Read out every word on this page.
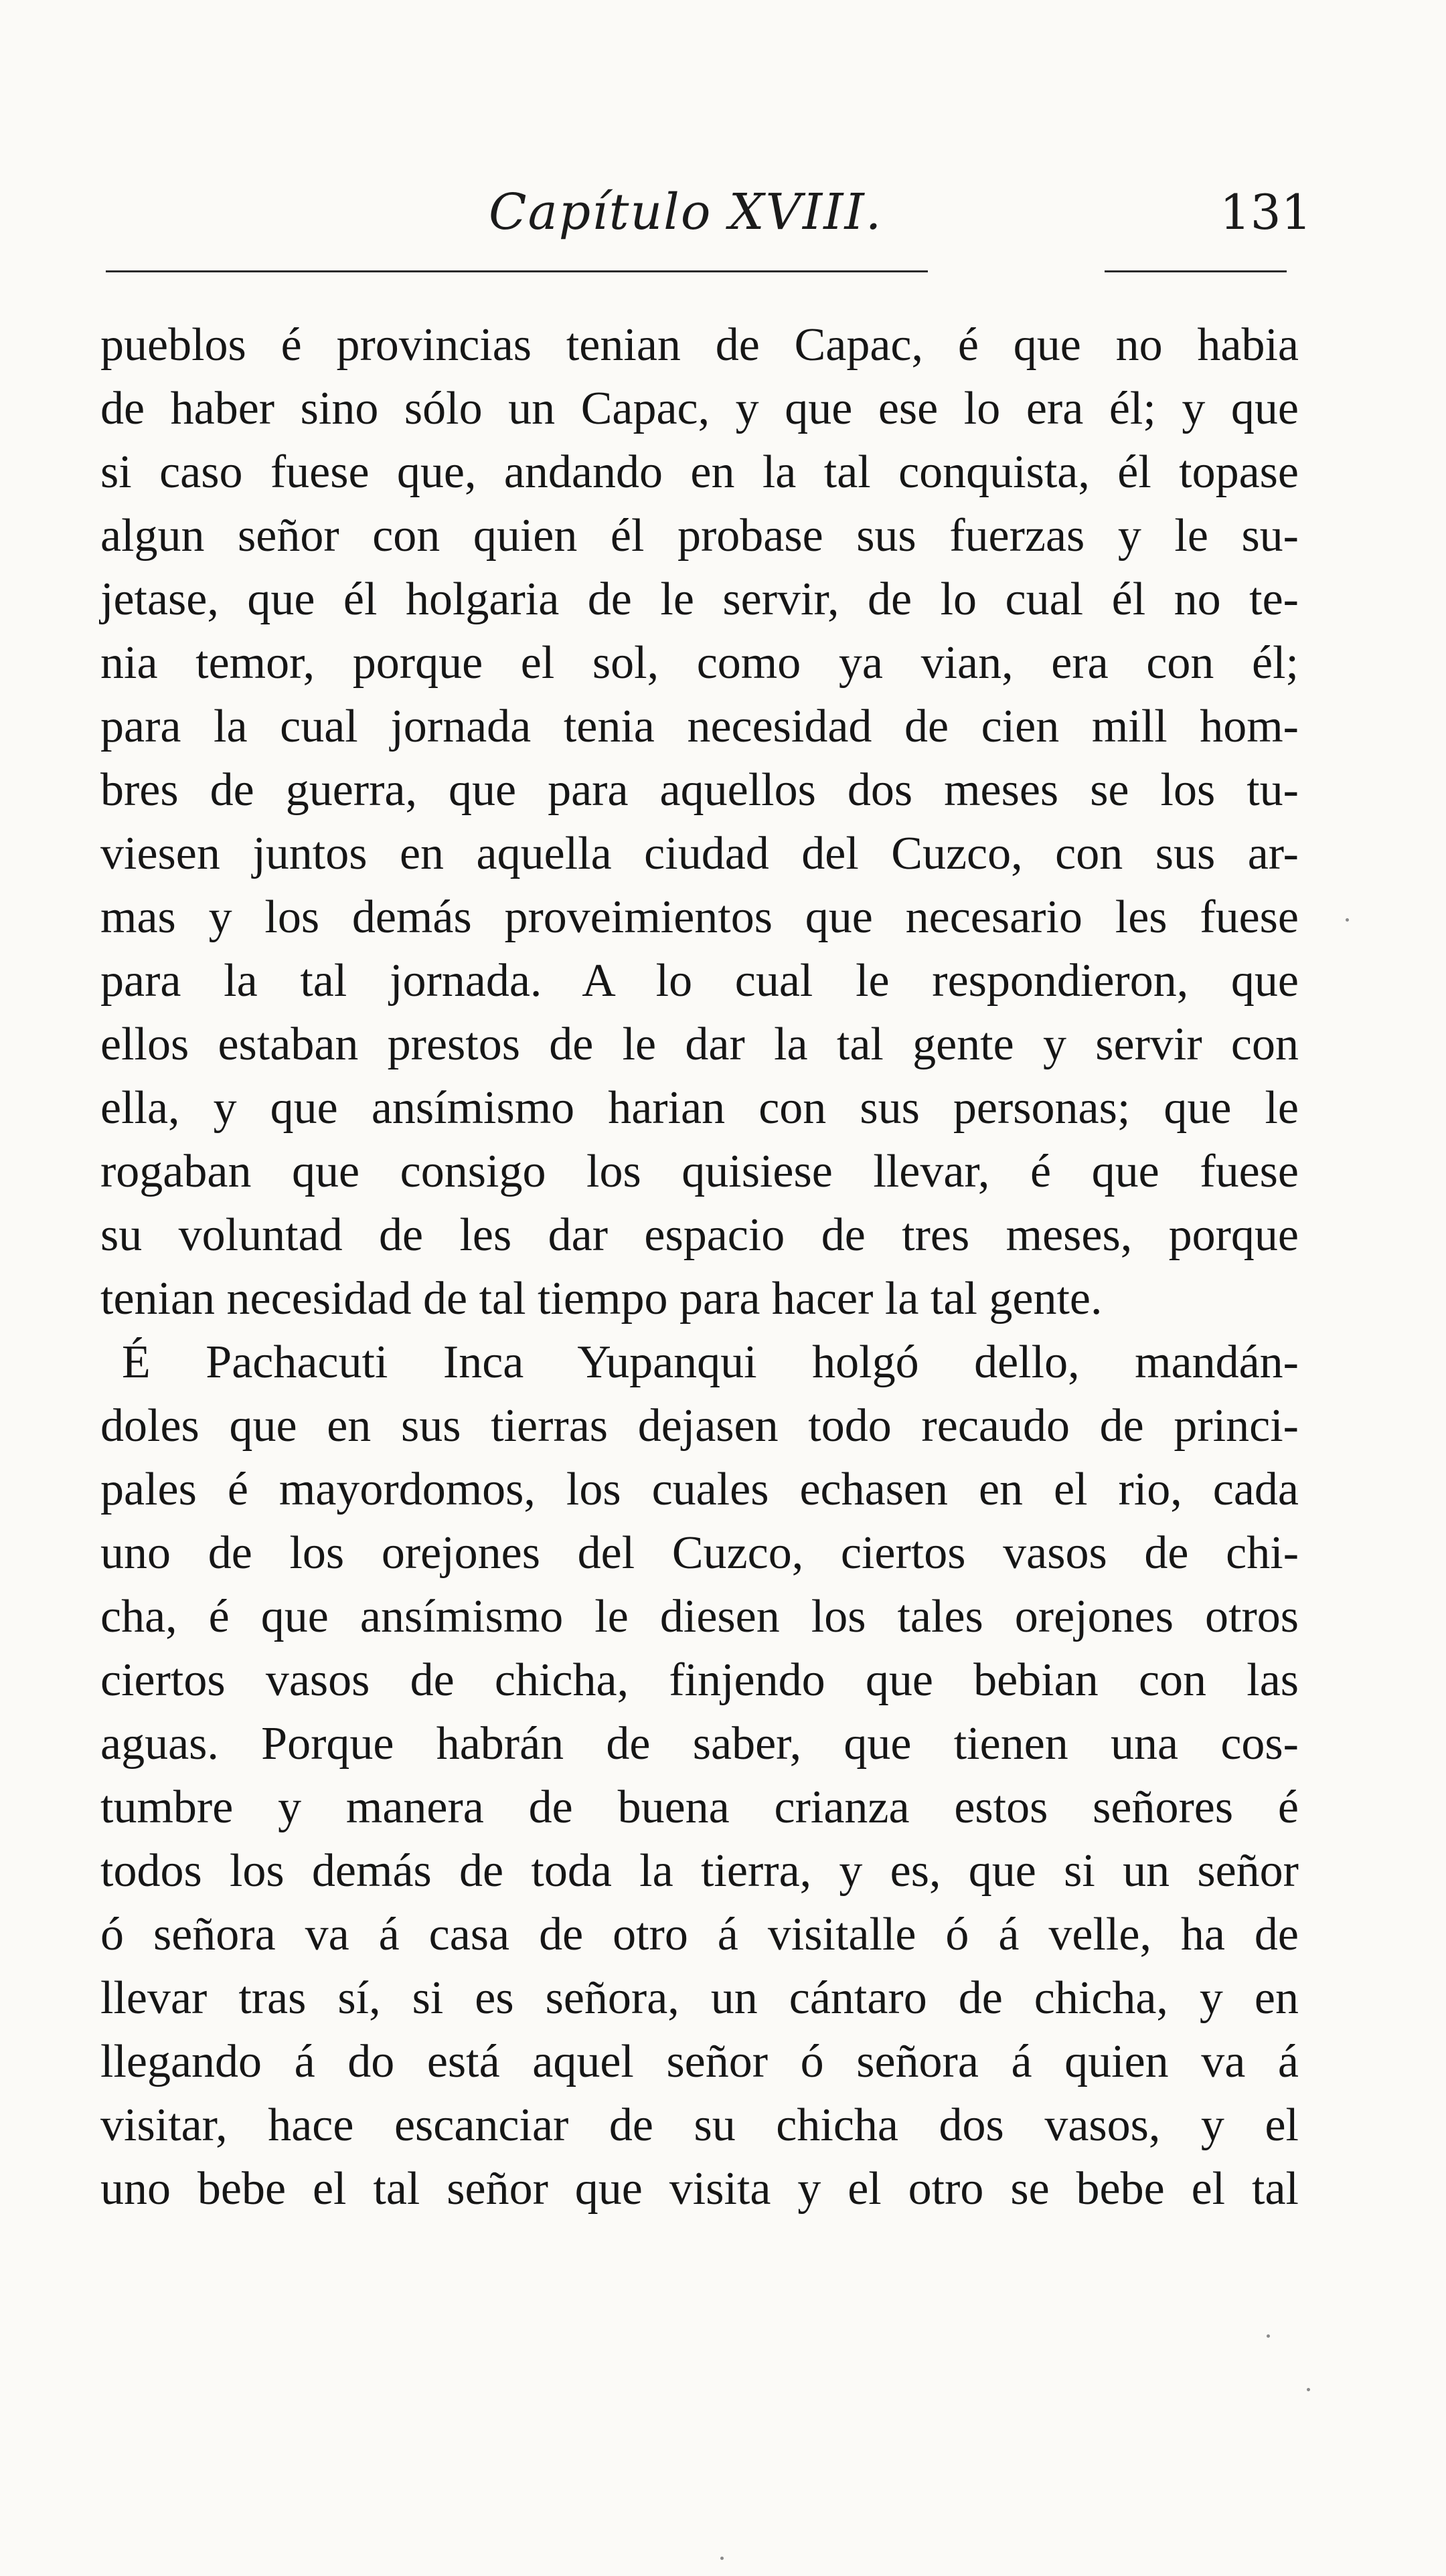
Capítulo XVIII.	131
pueblos é provincias tenian de Capac, é que no habia
de haber sino sólo un Capac, y que ese lo era él; y que
si caso fuese que, andando en la tal conquista, él topase
algun señor con quien él probase sus fuerzas y le su-
jetase, que él holgaria de le servir, de lo cual él no te-
nia temor, porque el sol, como ya vian, era con él;
para la cual jornada tenia necesidad de cien mill hom-
bres de guerra, que para aquellos dos meses se los tu-
viesen juntos en aquella ciudad del Cuzco, con sus ar-
mas y los demás proveimientos que necesario les fuese
para la tal jornada. A lo cual le respondieron, que
ellos estaban prestos de le dar la tal gente y servir con
ella, y que ansímismo harian con sus personas; que le
rogaban que consigo los quisiese llevar, é que fuese
su voluntad de les dar espacio de tres meses, porque
tenian necesidad de tal tiempo para hacer la tal gente.
É Pachacuti Inca Yupanqui holgó dello, mandán-
doles que en sus tierras dejasen todo recaudo de princi-
pales é mayordomos, los cuales echasen en el rio, cada
uno de los orejones del Cuzco, ciertos vasos de chi-
cha, é que ansímismo le diesen los tales orejones otros
ciertos vasos de chicha, finjendo que bebian con las
aguas. Porque habrán de saber, que tienen una cos-
tumbre y manera de buena crianza estos señores é
todos los demás de toda la tierra, y es, que si un señor
ó señora va á casa de otro á visitalle ó á velle, ha de
llevar tras sí, si es señora, un cántaro de chicha, y en
llegando á do está aquel señor ó señora á quien va á
visitar, hace escanciar de su chicha dos vasos, y el
uno bebe el tal señor que visita y el otro se bebe el tal
